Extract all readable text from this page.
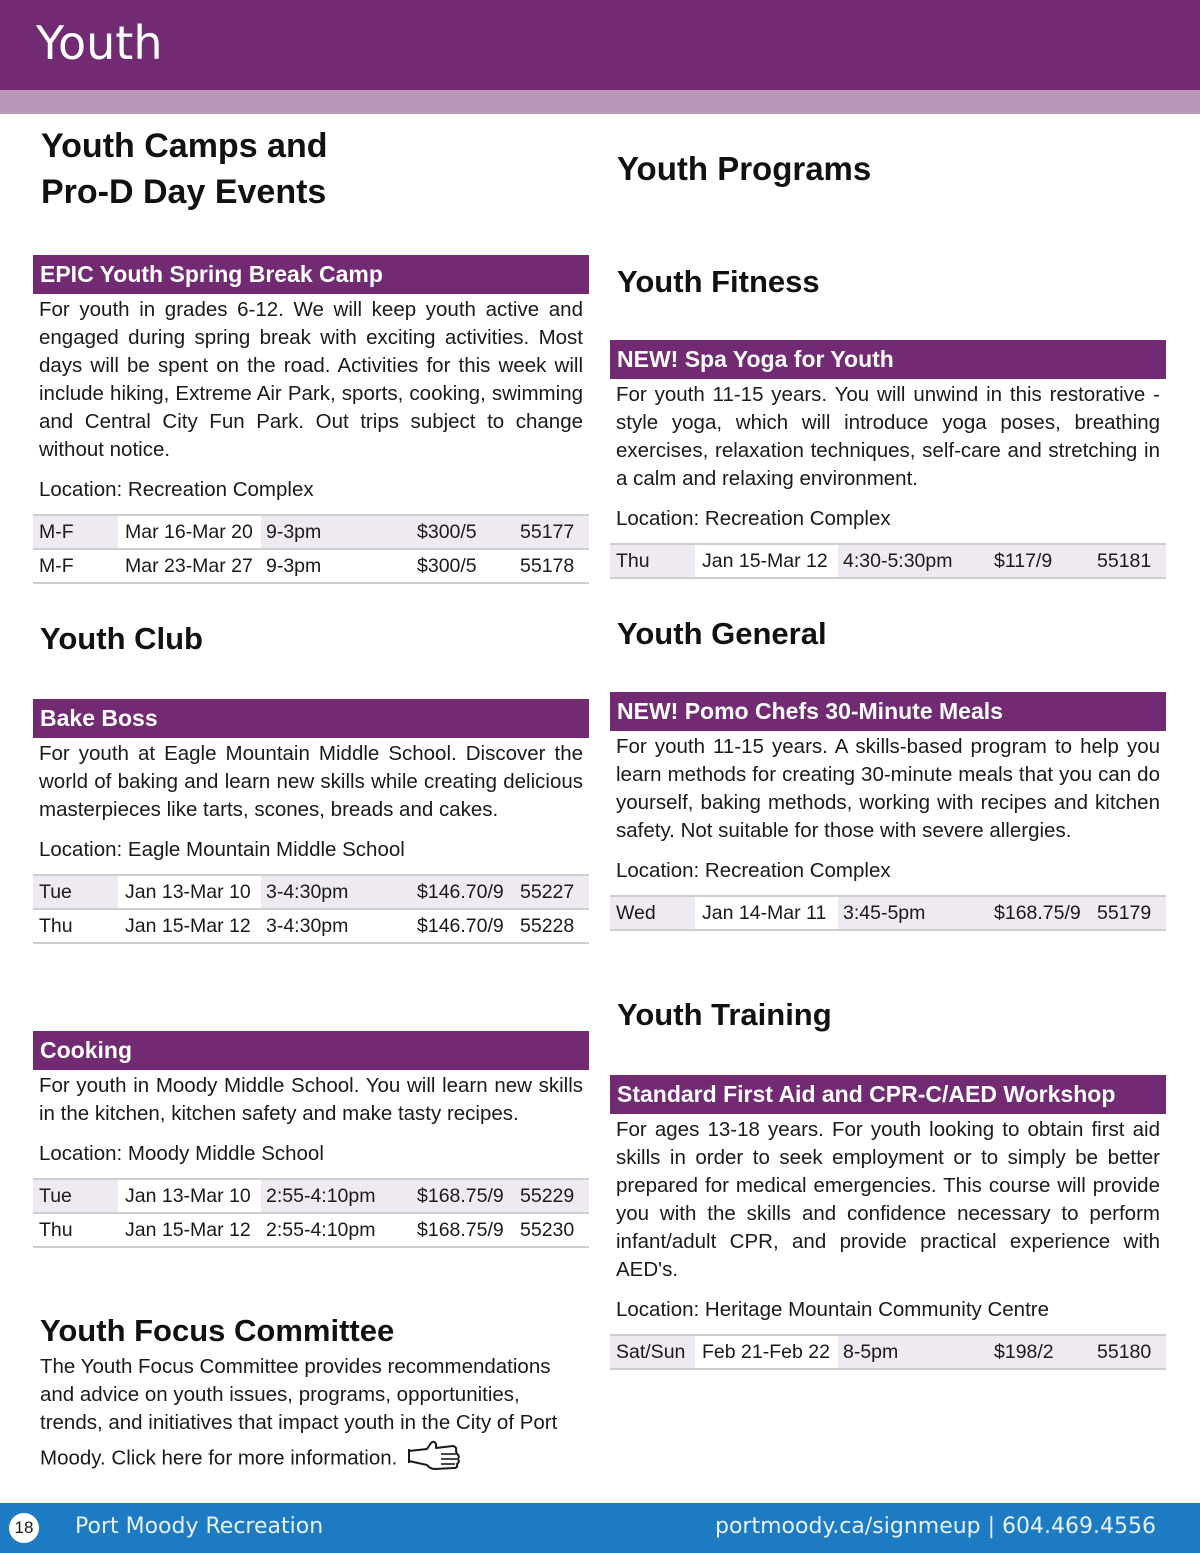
Youth
Youth Camps and
Pro-D Day Events
EPIC Youth Spring Break Camp
For youth in grades 6-12. We will keep youth active and engaged during spring break with exciting activities. Most days will be spent on the road. Activities for this week will include hiking, Extreme Air Park, sports, cooking, swimming and Central City Fun Park. Out trips subject to change without notice.
Location: Recreation Complex
M-F	Mar 16-Mar 20 9-3pm	$300/5	55177
M-F	Mar 23-Mar 27 9-3pm	$300/5	55178
Youth Club
Bake Boss
For youth at Eagle Mountain Middle School. Discover the world of baking and learn new skills while creating delicious masterpieces like tarts, scones, breads and cakes.
Location: Eagle Mountain Middle School
Tue	Jan 13-Mar 10 3-4:30pm	$146.70/9 55227
Thu	Jan 15-Mar 12 3-4:30pm	$146.70/9 55228
Cooking
For youth in Moody Middle School. You will learn new skills in the kitchen, kitchen safety and make tasty recipes.
Location: Moody Middle School
Tue	Jan 13-Mar 10 2:55-4:10pm	$168.75/9 55229
Thu	Jan 15-Mar 12 2:55-4:10pm	$168.75/9 55230
Youth Focus Committee
The Youth Focus Committee provides recommendations and advice on youth issues, programs, opportunities, trends, and initiatives that impact youth in the City of Port Moody. Click here for more information.
Youth Programs
Youth Fitness
NEW! Spa Yoga for Youth
For youth 11-15 years. You will unwind in this restorative -style yoga, which will introduce yoga poses, breathing exercises, relaxation techniques, self-care and stretching in a calm and relaxing environment.
Location: Recreation Complex
Thu	Jan 15-Mar 12 4:30-5:30pm	$117/9	55181
Youth General
NEW! Pomo Chefs 30-Minute Meals
For youth 11-15 years. A skills-based program to help you learn methods for creating 30-minute meals that you can do yourself, baking methods, working with recipes and kitchen safety. Not suitable for those with severe allergies.
Location: Recreation Complex
Wed	Jan 14-Mar 11 3:45-5pm	$168.75/9 55179
Youth Training
Standard First Aid and CPR-C/AED Workshop
For ages 13-18 years. For youth looking to obtain first aid skills in order to seek employment or to simply be better prepared for medical emergencies. This course will provide you with the skills and confidence necessary to perform infant/adult CPR, and provide practical experience with AED's.
Location: Heritage Mountain Community Centre
Sat/Sun Feb 21-Feb 22 8-5pm	$198/2	55180
18 Port Moody Recreation	portmoody.ca/signmeup | 604.469.4556
